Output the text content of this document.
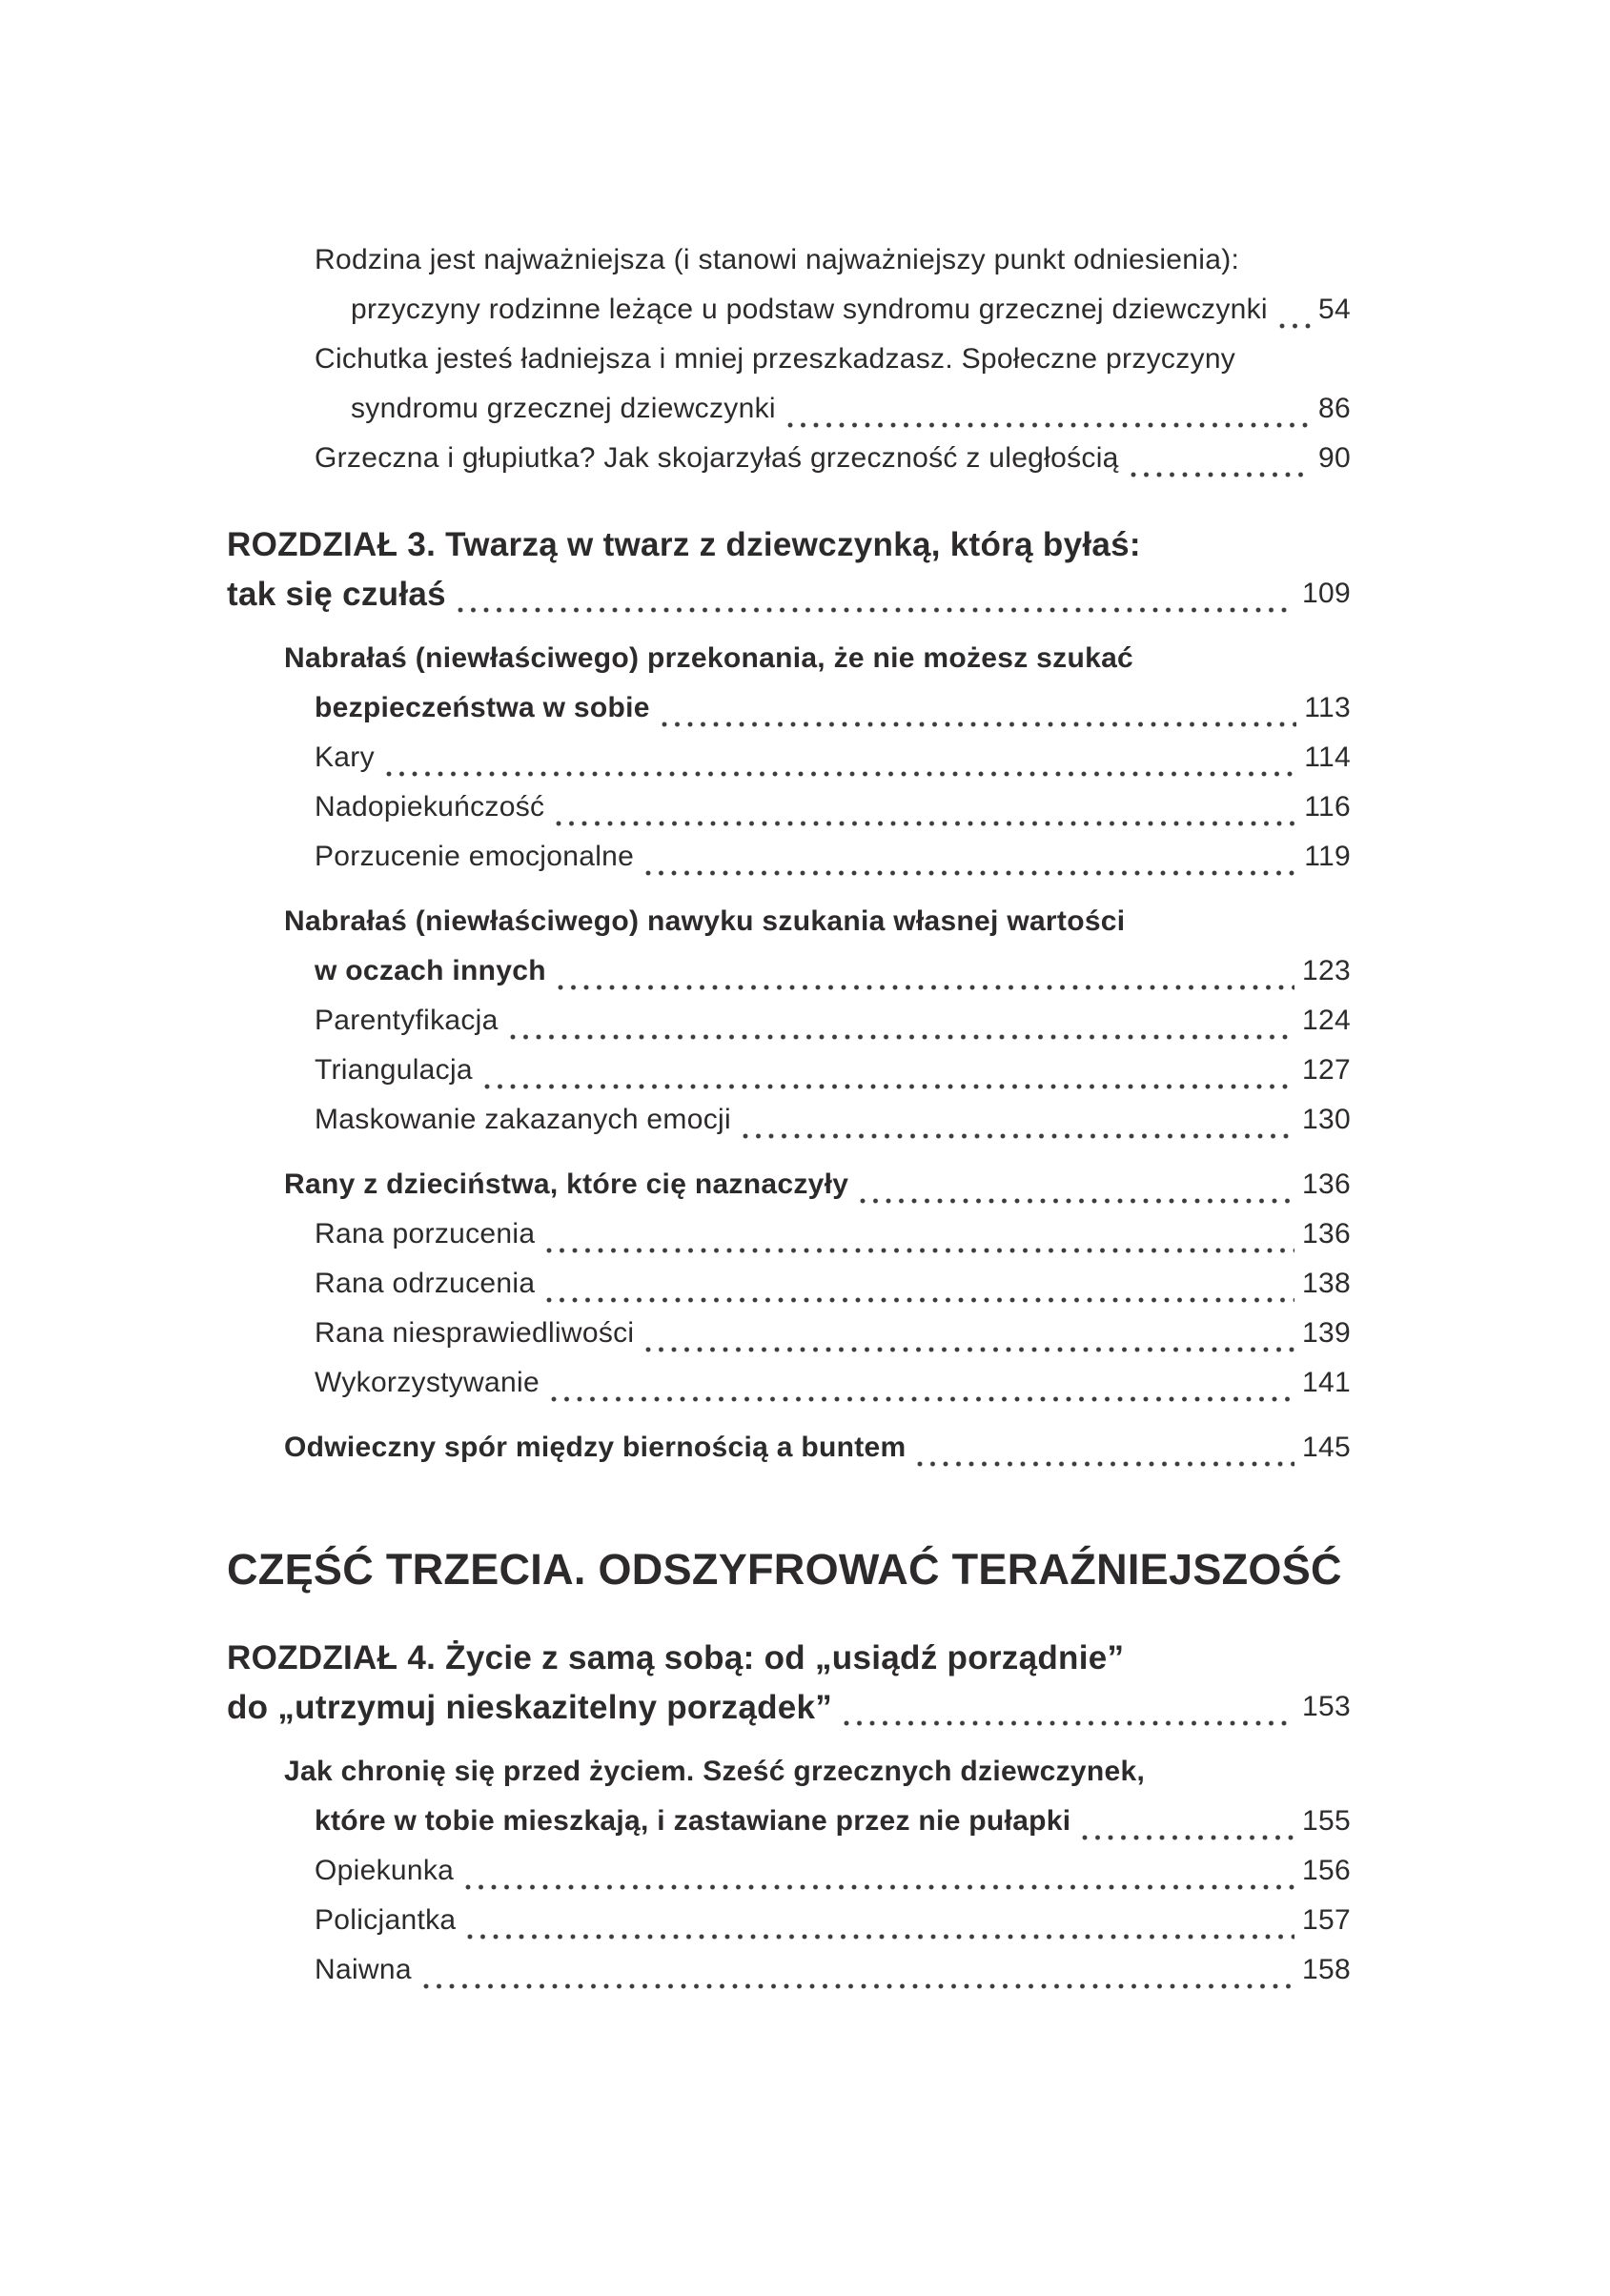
Rodzina jest najważniejsza (i stanowi najważniejszy punkt odniesienia):
przyczyny rodzinne leżące u podstaw syndromu grzecznej dziewczynki 54
Cichutka jesteś ładniejsza i mniej przeszkadzasz. Społeczne przyczyny
syndromu grzecznej dziewczynki	86
Grzeczna i głupiutka? Jak skojarzyłaś grzeczność z uległością	90
ROZDZIAŁ 3. Twarzą w twarz z dziewczynką, którą byłaś:
tak się czułaś	109
Nabrałaś (niewłaściwego) przekonania, że nie możesz szukać
bezpieczeństwa w sobie	113
Kary	114
Nadopiekuńczość	116
Porzucenie emocjonalne	119
Nabrałaś (niewłaściwego) nawyku szukania własnej wartości
w oczach innych	123
Parentyfikacja	124
Triangulacja	127
Maskowanie zakazanych emocji	130
Rany z dzieciństwa, które cię naznaczyły	136
Rana porzucenia	136
Rana odrzucenia	138
Rana niesprawiedliwości	139
Wykorzystywanie	141
Odwieczny spór między biernością a buntem	145
CZĘŚĆ TRZECIA. ODSZYFROWAĆ TERAŹNIEJSZOŚĆ
ROZDZIAŁ 4. Życie z samą sobą: od „usiądź porządnie”
do „utrzymuj nieskazitelny porządek”	153
Jak chronię się przed życiem. Sześć grzecznych dziewczynek,
które w tobie mieszkają, i zastawiane przez nie pułapki	155
Opiekunka	156
Policjantka	157
Naiwna	158
